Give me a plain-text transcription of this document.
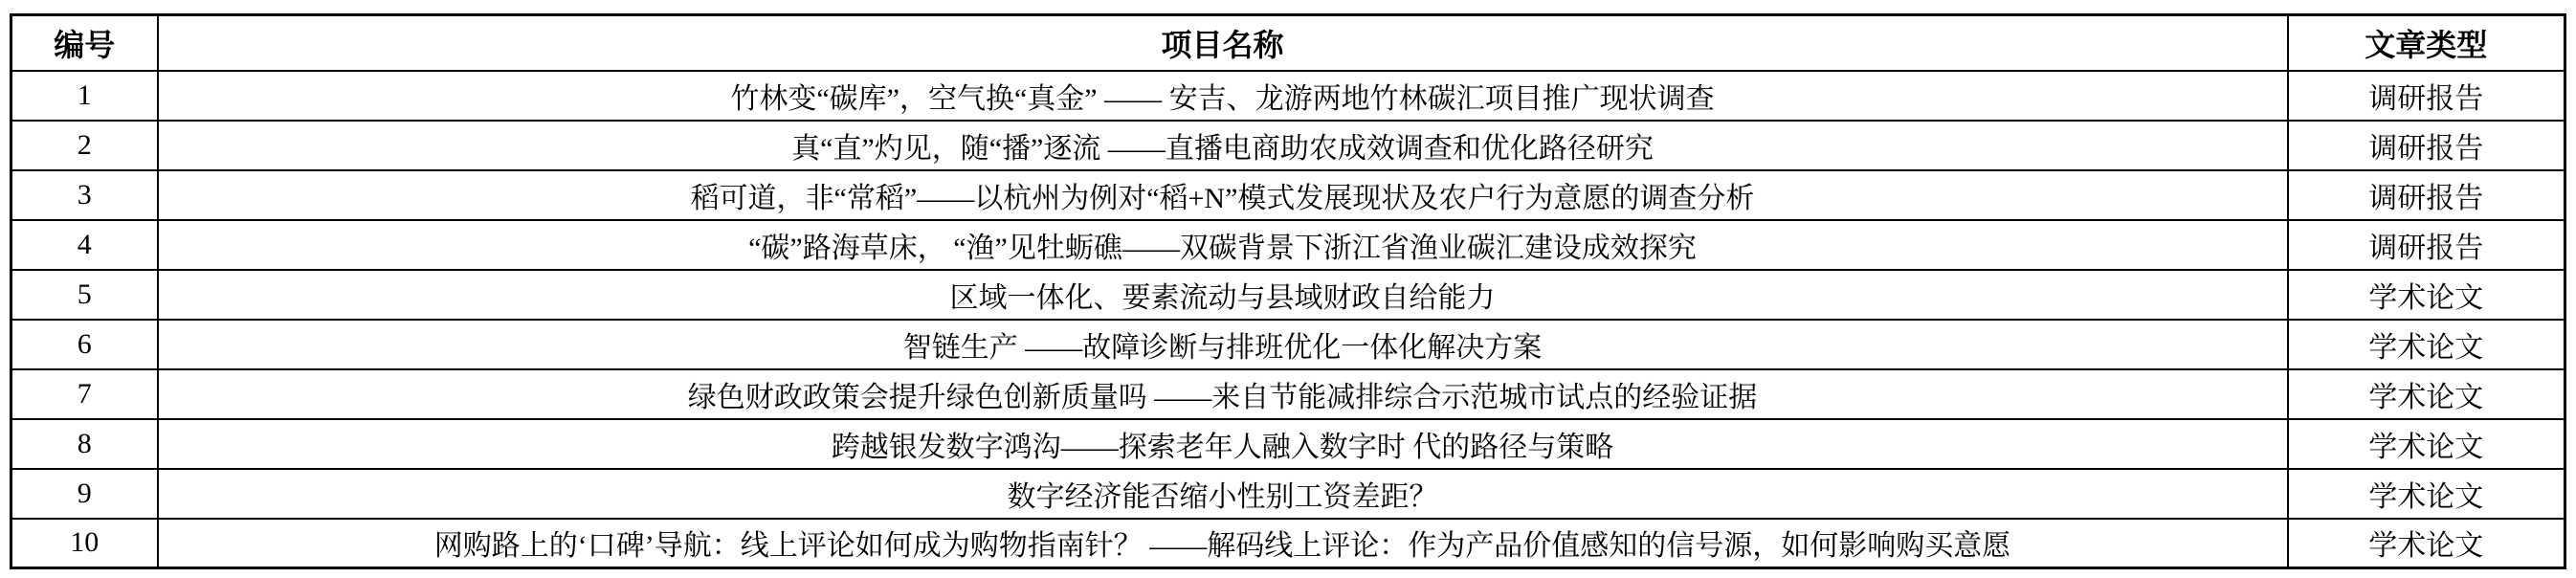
编号	项目名称	文章类型
1	竹林变“碳库”，空气换“真金” —— 安吉、龙游两地竹林碳汇项目推广现状调查	调研报告
2	真“直”灼见，随“播”逐流 ——直播电商助农成效调查和优化路径研究	调研报告
3	稻可道，非“常稻”——以杭州为例对“稻+N”模式发展现状及农户行为意愿的调查分析	调研报告
4	“碳”路海草床， “渔”见牡蛎礁——双碳背景下浙江省渔业碳汇建设成效探究	调研报告
5	区域一体化、要素流动与县域财政自给能力	学术论文
6	智链生产 ——故障诊断与排班优化一体化解决方案	学术论文
7	绿色财政政策会提升绿色创新质量吗 ——来自节能减排综合示范城市试点的经验证据	学术论文
8	跨越银发数字鸿沟——探索老年人融入数字时 代的路径与策略	学术论文
9	数字经济能否缩小性别工资差距？	学术论文
10	网购路上的‘口碑’导航：线上评论如何成为购物指南针？ ——解码线上评论：作为产品价值感知的信号源，如何影响购买意愿	学术论文
